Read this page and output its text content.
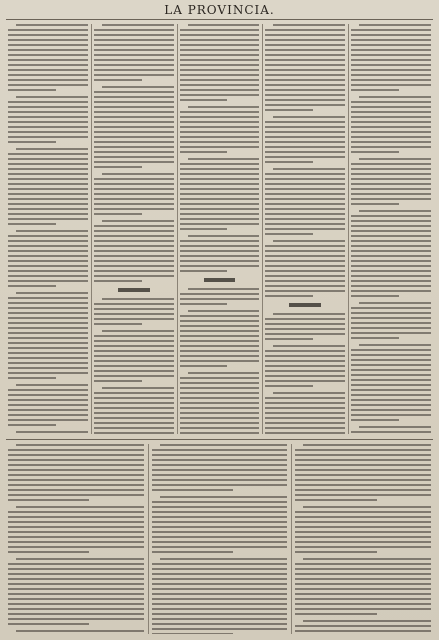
LA PROVINCIA.
